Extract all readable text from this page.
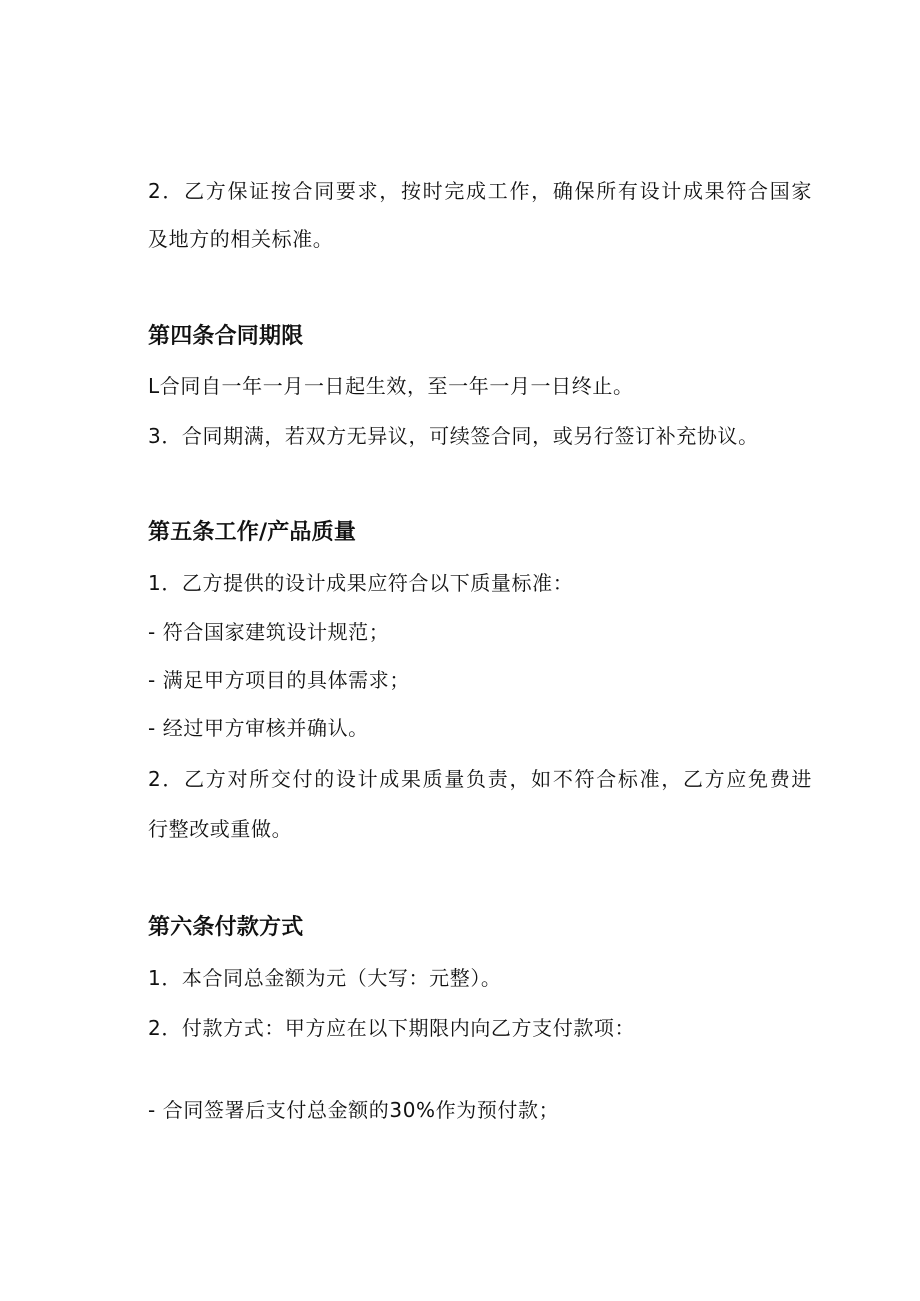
2．乙方保证按合同要求，按时完成工作，确保所有设计成果符合国家
及地方的相关标准。
第四条合同期限
L合同自一年一月一日起生效，至一年一月一日终止。
3．合同期满，若双方无异议，可续签合同，或另行签订补充协议。
第五条工作/产品质量
1．乙方提供的设计成果应符合以下质量标准：
- 符合国家建筑设计规范；
- 满足甲方项目的具体需求；
- 经过甲方审核并确认。
2．乙方对所交付的设计成果质量负责，如不符合标准，乙方应免费进
行整改或重做。
第六条付款方式
1．本合同总金额为元（大写：元整）。
2．付款方式：甲方应在以下期限内向乙方支付款项：
- 合同签署后支付总金额的30%作为预付款；
